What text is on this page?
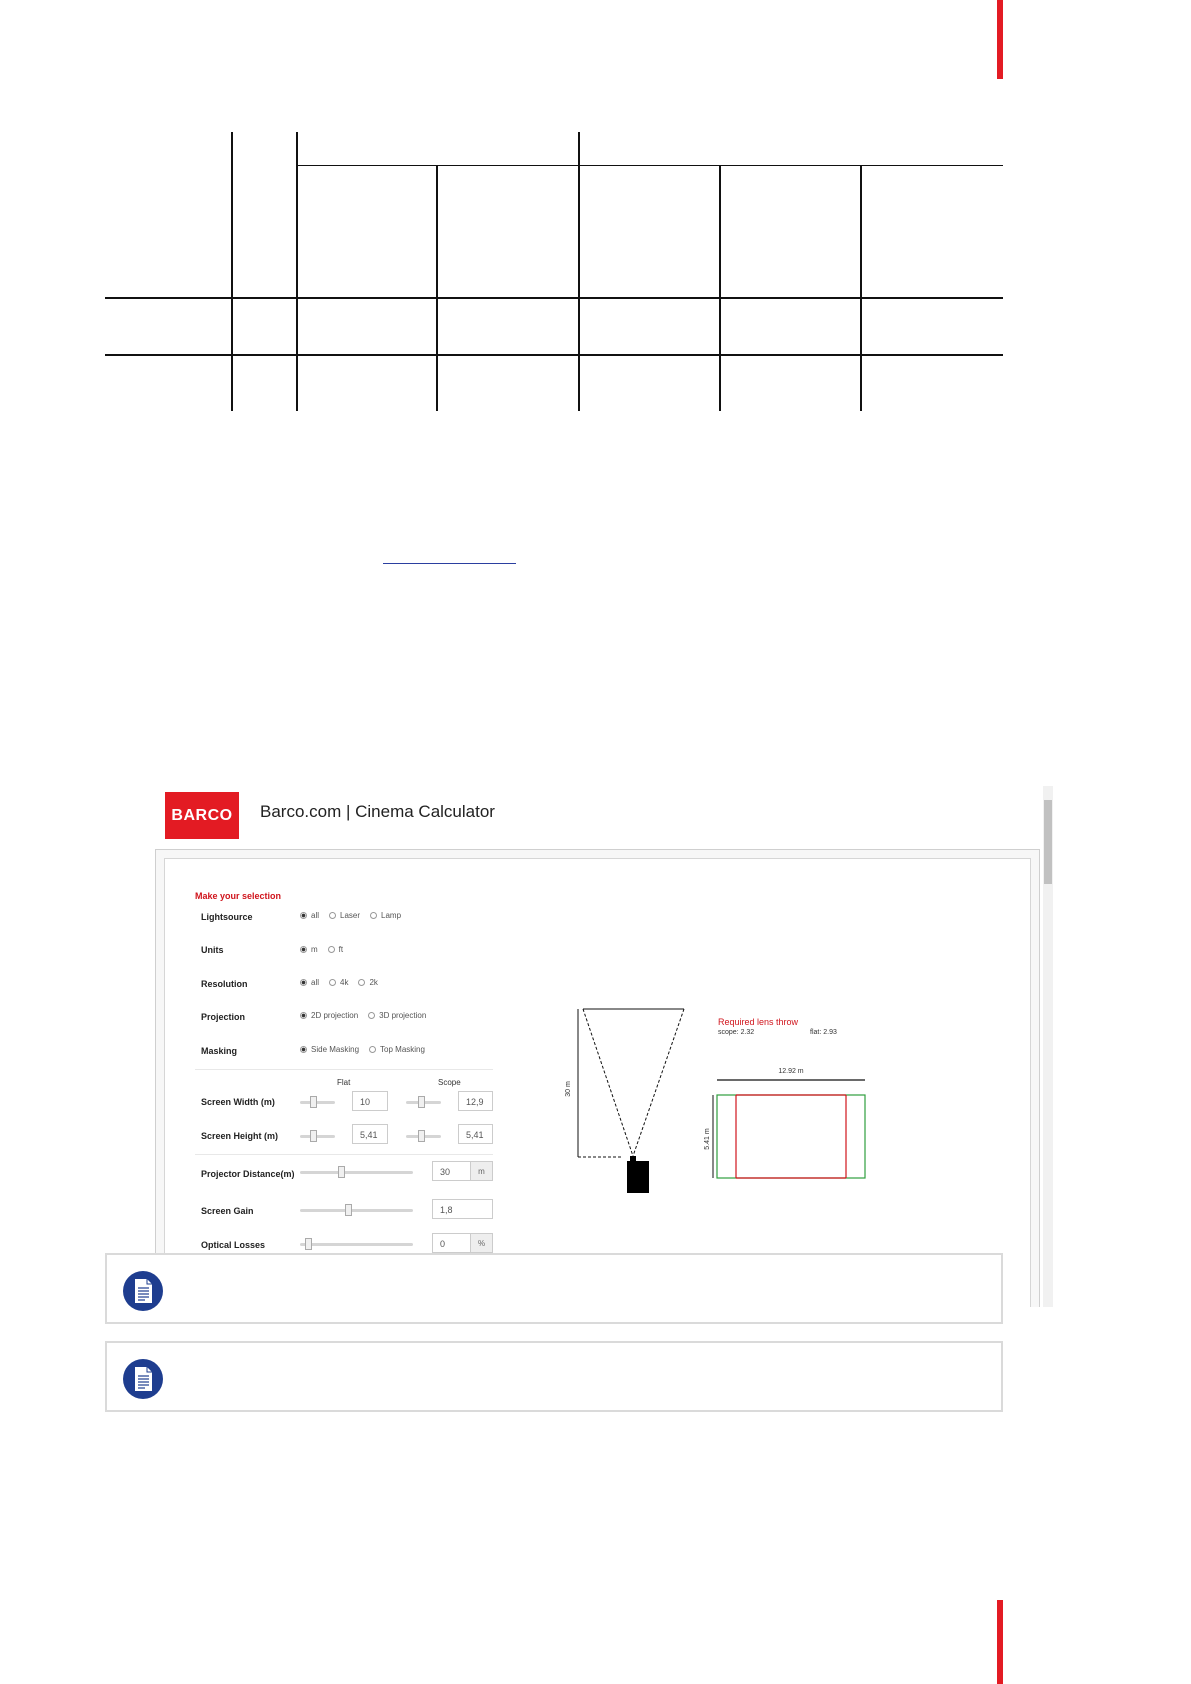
BARCO Barco.com | Cinema Calculator
Make your selection
Lightsource	all	Laser	Lamp
Units	m	ft
Resolution	all	4k	2k
Projection	2D projection	3D projection
Masking	Side Masking	Top Masking
Flat	Scope
Screen Width (m)	10	12,9
Screen Height (m)	5,41	5,41
Projector Distance(m)	30	m
Screen Gain	1,8
Optical Losses	0	%
Required lens throw
scope: 2.32	flat: 2.93
30 m
12.92 m
5.41 m
